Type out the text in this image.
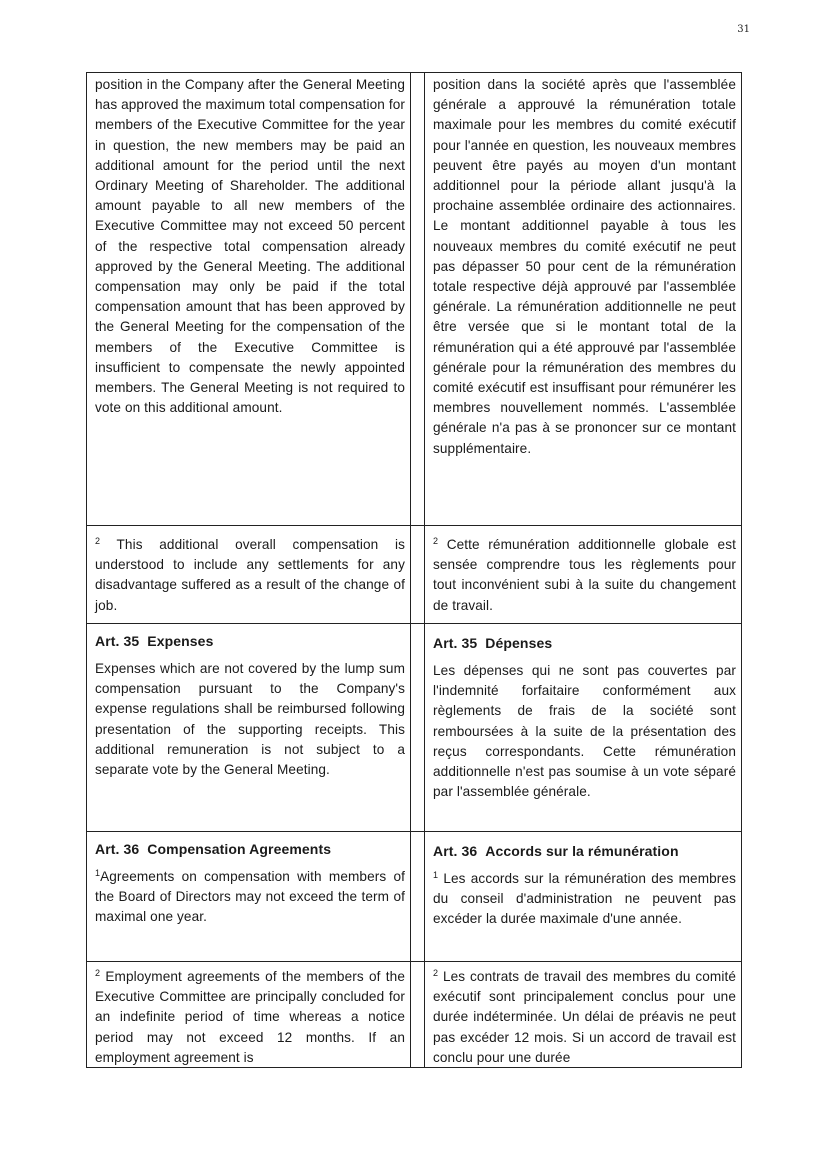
31

position in the Company after the General Meeting has approved the maximum total compensation for members of the Executive Committee for the year in question, the new members may be paid an additional amount for the period until the next Ordinary Meeting of Shareholder. The additional amount payable to all new members of the Executive Committee may not exceed 50 percent of the respective total compensation already approved by the General Meeting. The additional compensation may only be paid if the total compensation amount that has been approved by the General Meeting for the compensation of the members of the Executive Committee is insufficient to compensate the newly appointed members. The General Meeting is not required to vote on this additional amount.

position dans la société après que l'assemblée générale a approuvé la rémunération totale maximale pour les membres du comité exécutif pour l'année en question, les nouveaux membres peuvent être payés au moyen d'un montant additionnel pour la période allant jusqu'à la prochaine assemblée ordinaire des actionnaires. Le montant additionnel payable à tous les nouveaux membres du comité exécutif ne peut pas dépasser 50 pour cent de la rémunération totale respective déjà approuvé par l'assemblée générale. La rémunération additionnelle ne peut être versée que si le montant total de la rémunération qui a été approuvé par l'assemblée générale pour la rémunération des membres du comité exécutif est insuffisant pour rémunérer les membres nouvellement nommés. L'assemblée générale n'a pas à se prononcer sur ce montant supplémentaire.

$^2$ This additional overall compensation is understood to include any settlements for any disadvantage suffered as a result of the change of job.

$^2$ Cette rémunération additionnelle globale est sensée comprendre tous les règlements pour tout inconvénient subi à la suite du changement de travail.

Art. 35 Expenses

Expenses which are not covered by the lump sum compensation pursuant to the Company's expense regulations shall be reimbursed following presentation of the supporting receipts. This additional remuneration is not subject to a separate vote by the General Meeting.

Art. 35 Dépenses

Les dépenses qui ne sont pas couvertes par l'indemnité forfaitaire conformément aux règlements de frais de la société sont remboursées à la suite de la présentation des reçus correspondants. Cette rémunération additionnelle n'est pas soumise à un vote séparé par l'assemblée générale.

Art. 36 Compensation Agreements

$^1$Agreements on compensation with members of the Board of Directors may not exceed the term of maximal one year.

Art. 36 Accords sur la rémunération

$^1$ Les accords sur la rémunération des membres du conseil d'administration ne peuvent pas excéder la durée maximale d'une année.

$^2$ Employment agreements of the members of the Executive Committee are principally concluded for an indefinite period of time whereas a notice period may not exceed 12 months. If an employment agreement is

$^2$ Les contrats de travail des membres du comité exécutif sont principalement conclus pour une durée indéterminée. Un délai de préavis ne peut pas excéder 12 mois. Si un accord de travail est conclu pour une durée
